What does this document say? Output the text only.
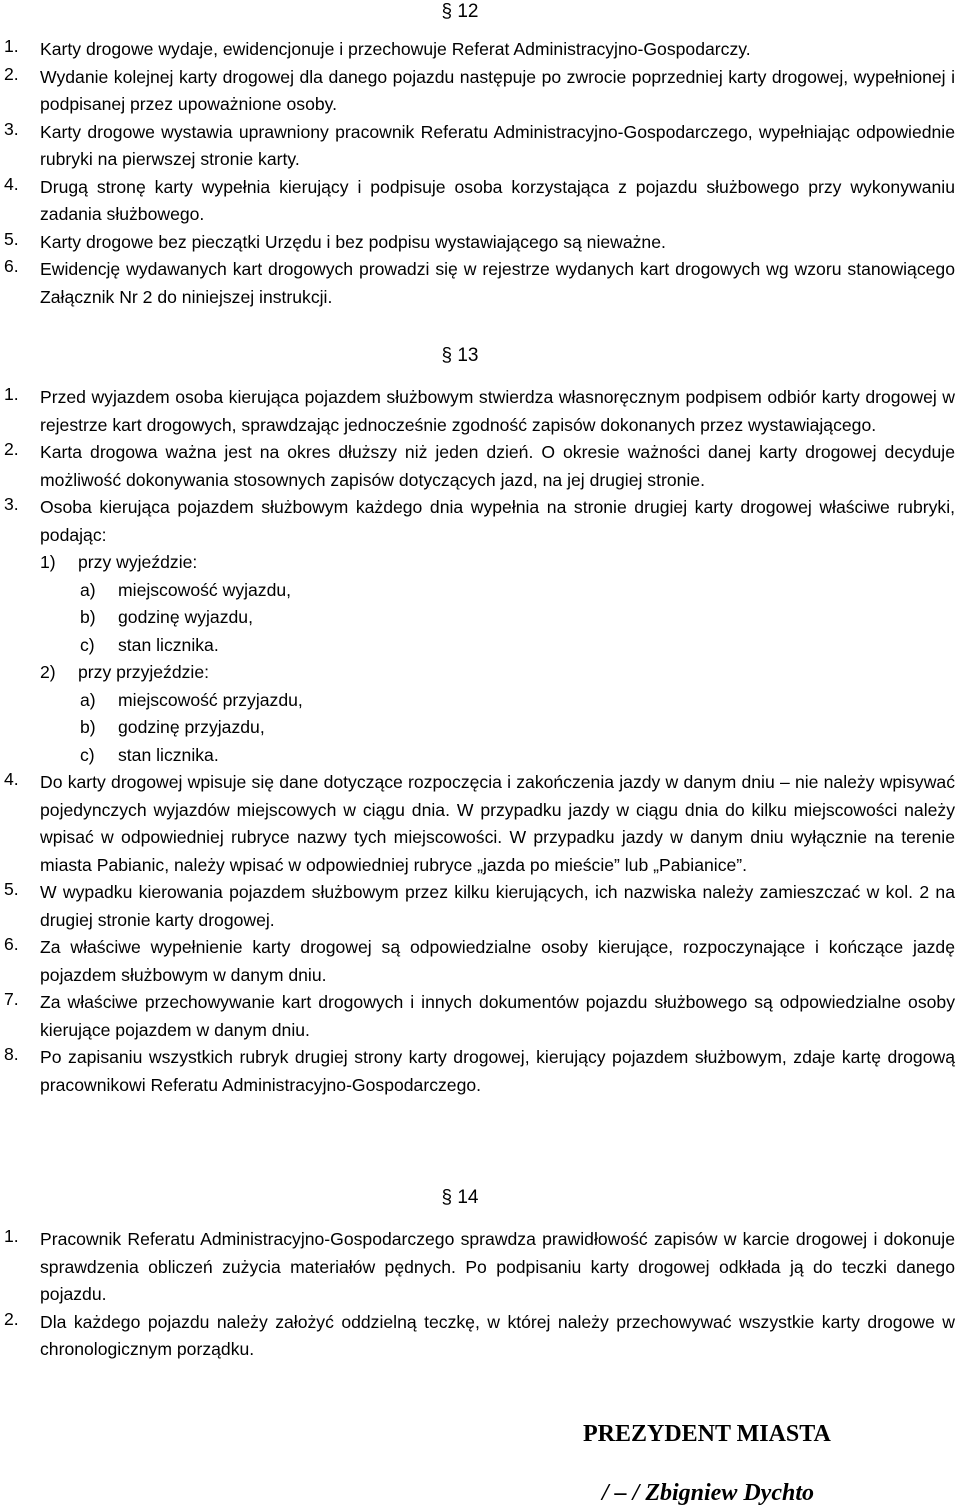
§ 12
1. Karty drogowe wydaje, ewidencjonuje i przechowuje Referat Administracyjno-Gospodarczy.
2. Wydanie kolejnej karty drogowej dla danego pojazdu następuje po zwrocie poprzedniej karty drogowej, wypełnionej i podpisanej przez upoważnione osoby.
3. Karty drogowe wystawia uprawniony pracownik Referatu Administracyjno-Gospodarczego, wypełniając odpowiednie rubryki na pierwszej stronie karty.
4. Drugą stronę karty wypełnia kierujący i podpisuje osoba korzystająca z pojazdu służbowego przy wykonywaniu zadania służbowego.
5. Karty drogowe bez pieczątki Urzędu i bez podpisu wystawiającego są nieważne.
6. Ewidencję wydawanych kart drogowych prowadzi się w rejestrze wydanych kart drogowych wg wzoru stanowiącego Załącznik Nr 2 do niniejszej instrukcji.
§ 13
1. Przed wyjazdem osoba kierująca pojazdem służbowym stwierdza własnoręcznym podpisem odbiór karty drogowej w rejestrze kart drogowych, sprawdzając jednocześnie zgodność zapisów dokonanych przez wystawiającego.
2. Karta drogowa ważna jest na okres dłuższy niż jeden dzień. O okresie ważności danej karty drogowej decyduje możliwość dokonywania stosownych zapisów dotyczących jazd, na jej drugiej stronie.
3. Osoba kierująca pojazdem służbowym każdego dnia wypełnia na stronie drugiej karty drogowej właściwe rubryki, podając:
1) przy wyjeździe:
a) miejscowość wyjazdu,
b) godzinę wyjazdu,
c) stan licznika.
2) przy przyjeździe:
a) miejscowość przyjazdu,
b) godzinę przyjazdu,
c) stan licznika.
4. Do karty drogowej wpisuje się dane dotyczące rozpoczęcia i zakończenia jazdy w danym dniu – nie należy wpisywać pojedynczych wyjazdów miejscowych w ciągu dnia. W przypadku jazdy w ciągu dnia do kilku miejscowości należy wpisać w odpowiedniej rubryce nazwy tych miejscowości. W przypadku jazdy w danym dniu wyłącznie na terenie miasta Pabianic, należy wpisać w odpowiedniej rubryce „jazda po mieście” lub „Pabianice”.
5. W wypadku kierowania pojazdem służbowym przez kilku kierujących, ich nazwiska należy zamieszczać w kol. 2 na drugiej stronie karty drogowej.
6. Za właściwe wypełnienie karty drogowej są odpowiedzialne osoby kierujące, rozpoczynające i kończące jazdę pojazdem służbowym w danym dniu.
7. Za właściwe przechowywanie kart drogowych i innych dokumentów pojazdu służbowego są odpowiedzialne osoby kierujące pojazdem w danym dniu.
8. Po zapisaniu wszystkich rubryk drugiej strony karty drogowej, kierujący pojazdem służbowym, zdaje kartę drogową pracownikowi Referatu Administracyjno-Gospodarczego.
§ 14
1. Pracownik Referatu Administracyjno-Gospodarczego sprawdza prawidłowość zapisów w karcie drogowej i dokonuje sprawdzenia obliczeń zużycia materiałów pędnych. Po podpisaniu karty drogowej odkłada ją do teczki danego pojazdu.
2. Dla każdego pojazdu należy założyć oddzielną teczkę, w której należy przechowywać wszystkie karty drogowe w chronologicznym porządku.
PREZYDENT MIASTA
/ – / Zbigniew Dychto
